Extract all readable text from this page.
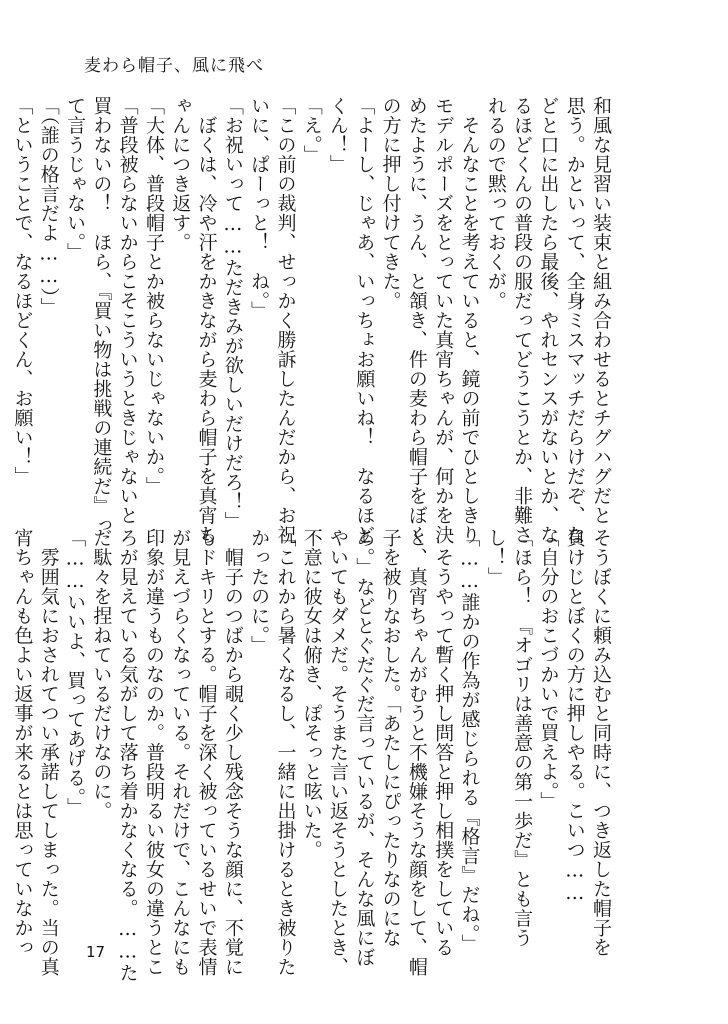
麦わら帽子、風に飛べ
和風な見習い装束と組み合わせるとチグハグだと
思う。かといって、全身ミスマッチだらけだぞ、な
どと口に出したら最後、やれセンスがないとか、な
るほどくんの普段の服だってどうこうとか、非難さ
れるので黙っておくが。
　そんなことを考えていると、鏡の前でひとしきり
モデルポーズをとっていた真宵ちゃんが、何かを決
めたように、うん、と頷き、件の麦わら帽子をぼく
の方に押し付けてきた。
「よーし、じゃあ、いっちょお願いね！　なるほど
くん！」
「え。」
「この前の裁判、せっかく勝訴したんだから、お祝
いに、ぱーっと！　ね。」
「お祝いって……ただきみが欲しいだけだろ！」
　ぼくは、冷や汗をかきながら麦わら帽子を真宵ち
ゃんにつき返す。
「大体、普段帽子とか被らないじゃないか。」
「普段被らないからこそこういうときじゃないと
買わないの！　ほら、『買い物は挑戦の連続だ』っ
て言うじゃない。」
「（誰の格言だよ……）」
「ということで、なるほどくん、お願い！」
そうぼくに頼み込むと同時に、つき返した帽子を
負けじとぼくの方に押しやる。こいつ……
「自分のおこづかいで買えよ。」
「ほら！　『オゴリは善意の第一歩だ』とも言う
し！」
「……誰かの作為が感じられる『格言』だね。」
　そうやって暫く押し問答と押し相撲をしている
と、真宵ちゃんがむうと不機嫌そうな顔をして、帽
子を被りなおした。「あたしにぴったりなのにな
あ。」などとぐだぐだ言っているが、そんな風にぼ
やいてもダメだ。そうまた言い返そうとしたとき、
不意に彼女は俯き、ぽそっと呟いた。
「これから暑くなるし、一緒に出掛けるとき被りた
かったのに。」
　帽子のつばから覗く少し残念そうな顔に、不覚に
もドキリとする。帽子を深く被っているせいで表情
が見えづらくなっている。それだけで、こんなにも
印象が違うものなのか。普段明るい彼女の違うとこ
ろが見えている気がして落ち着かなくなる。……た
だ駄々を捏ねているだけなのに。
「……いいよ、買ってあげる。」
　雰囲気におされてつい承諾してしまった。当の真
宵ちゃんも色よい返事が来るとは思っていなかっ	17
